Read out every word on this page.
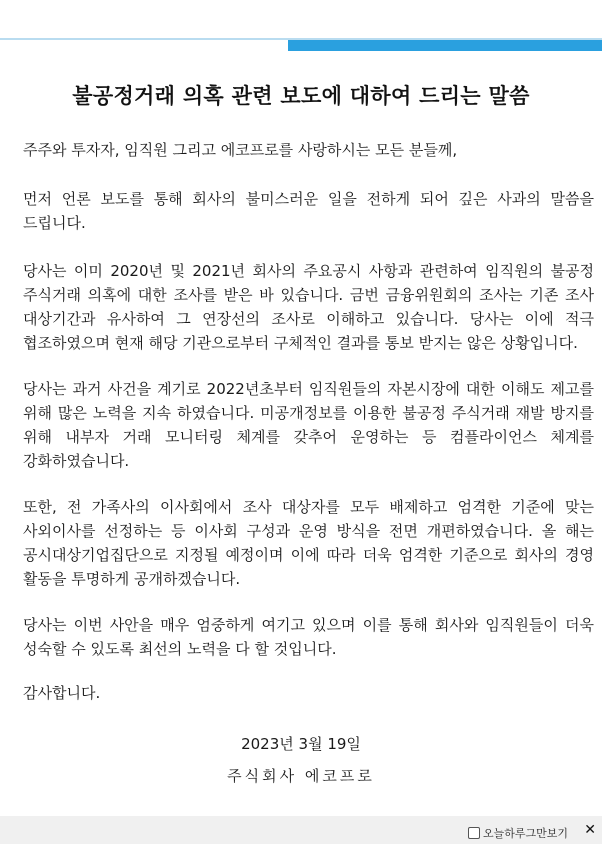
불공정거래 의혹 관련 보도에 대하여 드리는 말씀

주주와 투자자, 임직원 그리고 에코프로를 사랑하시는 모든 분들께,

먼저 언론 보도를 통해 회사의 불미스러운 일을 전하게 되어 깊은 사과의 말씀을 드립니다.

당사는 이미 2020년 및 2021년 회사의 주요공시 사항과 관련하여 임직원의 불공정 주식거래 의혹에 대한 조사를 받은 바 있습니다. 금번 금융위원회의 조사는 기존 조사 대상기간과 유사하여 그 연장선의 조사로 이해하고 있습니다. 당사는 이에 적극 협조하였으며 현재 해당 기관으로부터 구체적인 결과를 통보 받지는 않은 상황입니다.

당사는 과거 사건을 계기로 2022년초부터 임직원들의 자본시장에 대한 이해도 제고를 위해 많은 노력을 지속 하였습니다. 미공개정보를 이용한 불공정 주식거래 재발 방지를 위해 내부자 거래 모니터링 체계를 갖추어 운영하는 등 컴플라이언스 체계를 강화하였습니다.

또한, 전 가족사의 이사회에서 조사 대상자를 모두 배제하고 엄격한 기준에 맞는 사외이사를 선정하는 등 이사회 구성과 운영 방식을 전면 개편하였습니다. 올 해는 공시대상기업집단으로 지정될 예정이며 이에 따라 더욱 엄격한 기준으로 회사의 경영 활동을 투명하게 공개하겠습니다.

당사는 이번 사안을 매우 엄중하게 여기고 있으며 이를 통해 회사와 임직원들이 더욱 성숙할 수 있도록 최선의 노력을 다 할 것입니다.

감사합니다.

2023년 3월 19일
주식회사 에코프로
오늘하루그만보기 ✕
